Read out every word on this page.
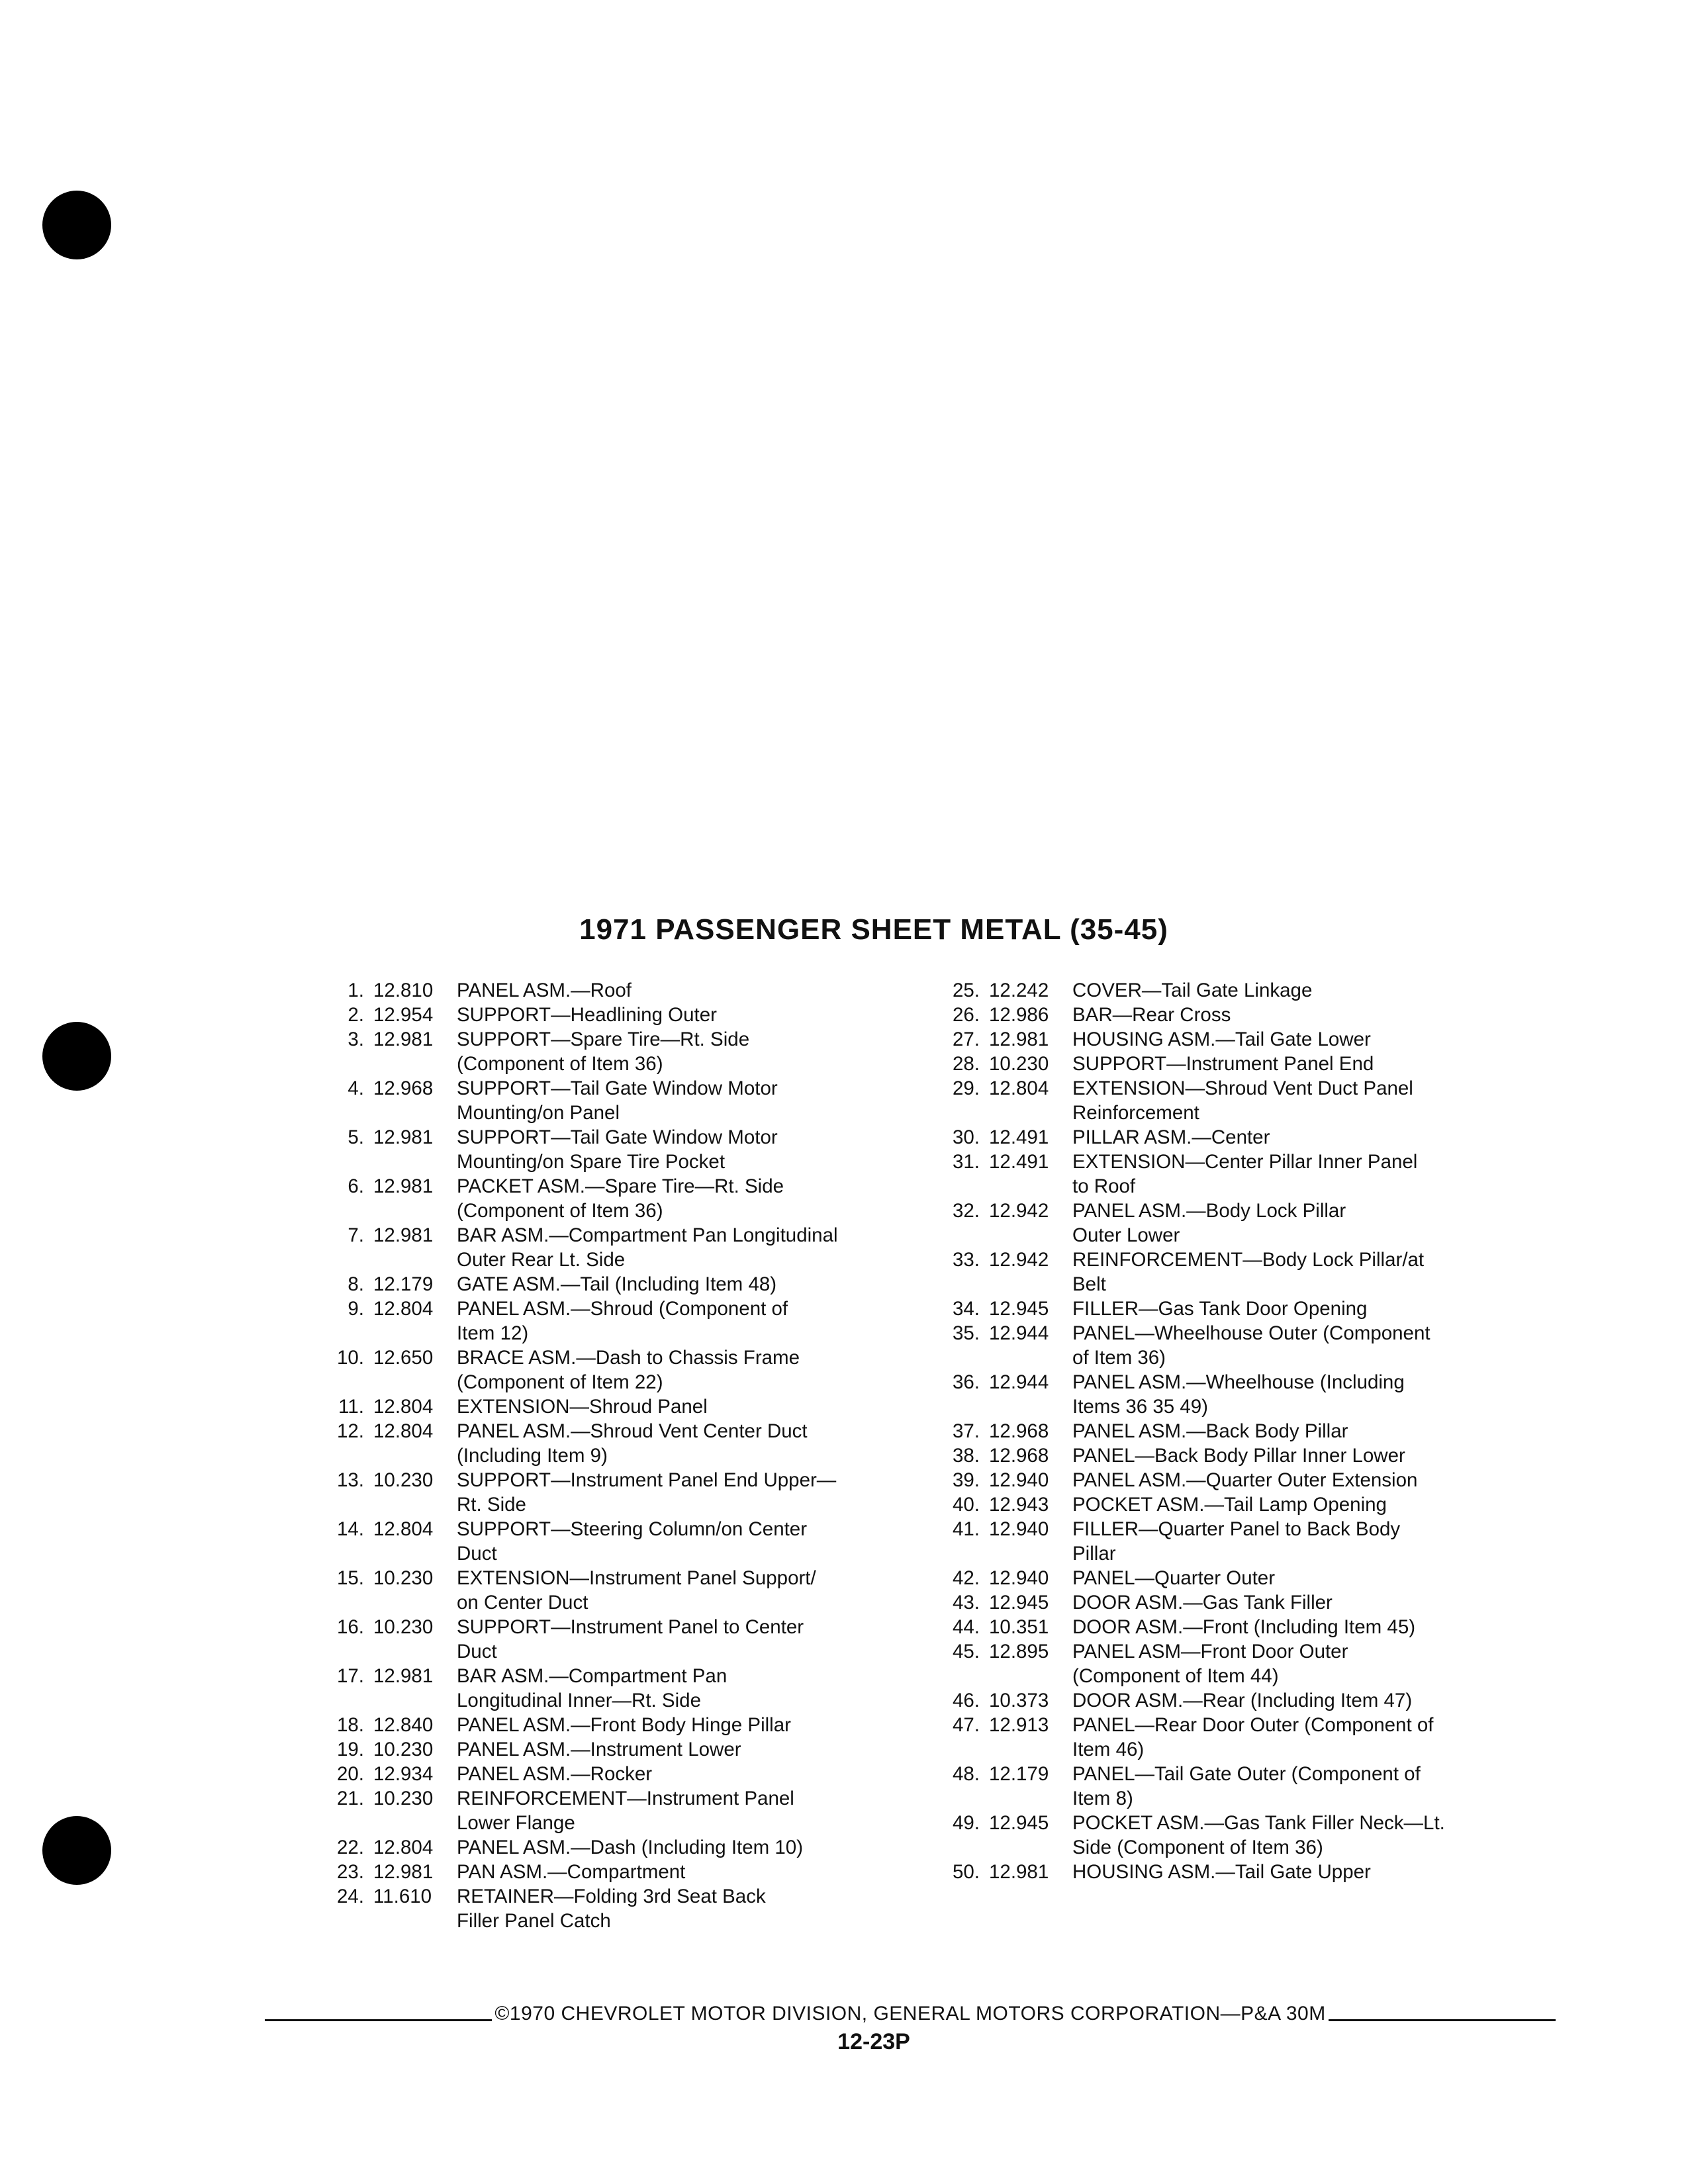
1971 PASSENGER SHEET METAL (35-45)
1. 12.810	PANEL ASM.—Roof
2. 12.954	SUPPORT—Headlining Outer
3. 12.981	SUPPORT—Spare Tire—Rt. Side
(Component of Item 36)
4. 12.968	SUPPORT—Tail Gate Window Motor
Mounting/on Panel
5. 12.981	SUPPORT—Tail Gate Window Motor
Mounting/on Spare Tire Pocket
6. 12.981	PACKET ASM.—Spare Tire—Rt. Side
(Component of Item 36)
7. 12.981	BAR ASM.—Compartment Pan Longitudinal
Outer Rear Lt. Side
8. 12.179	GATE ASM.—Tail (Including Item 48)
9. 12.804	PANEL ASM.—Shroud (Component of
Item 12)
10. 12.650	BRACE ASM.—Dash to Chassis Frame
(Component of Item 22)
11. 12.804	EXTENSION—Shroud Panel
12. 12.804	PANEL ASM.—Shroud Vent Center Duct
(Including Item 9)
13. 10.230	SUPPORT—Instrument Panel End Upper—
Rt. Side
14. 12.804	SUPPORT—Steering Column/on Center
Duct
15. 10.230	EXTENSION—Instrument Panel Support/
on Center Duct
16. 10.230	SUPPORT—Instrument Panel to Center
Duct
17. 12.981	BAR ASM.—Compartment Pan
Longitudinal Inner—Rt. Side
18. 12.840	PANEL ASM.—Front Body Hinge Pillar
19. 10.230	PANEL ASM.—Instrument Lower
20. 12.934	PANEL ASM.—Rocker
21. 10.230	REINFORCEMENT—Instrument Panel
Lower Flange
22. 12.804	PANEL ASM.—Dash (Including Item 10)
23. 12.981	PAN ASM.—Compartment
24. 11.610	RETAINER—Folding 3rd Seat Back
Filler Panel Catch
25. 12.242	COVER—Tail Gate Linkage
26. 12.986	BAR—Rear Cross
27. 12.981	HOUSING ASM.—Tail Gate Lower
28. 10.230	SUPPORT—Instrument Panel End
29. 12.804	EXTENSION—Shroud Vent Duct Panel
Reinforcement
30. 12.491	PILLAR ASM.—Center
31. 12.491	EXTENSION—Center Pillar Inner Panel
to Roof
32. 12.942	PANEL ASM.—Body Lock Pillar
Outer Lower
33. 12.942	REINFORCEMENT—Body Lock Pillar/at
Belt
34. 12.945	FILLER—Gas Tank Door Opening
35. 12.944	PANEL—Wheelhouse Outer (Component
of Item 36)
36. 12.944	PANEL ASM.—Wheelhouse (Including
Items 36 35 49)
37. 12.968	PANEL ASM.—Back Body Pillar
38. 12.968	PANEL—Back Body Pillar Inner Lower
39. 12.940	PANEL ASM.—Quarter Outer Extension
40. 12.943	POCKET ASM.—Tail Lamp Opening
41. 12.940	FILLER—Quarter Panel to Back Body
Pillar
42. 12.940	PANEL—Quarter Outer
43. 12.945	DOOR ASM.—Gas Tank Filler
44. 10.351	DOOR ASM.—Front (Including Item 45)
45. 12.895	PANEL ASM—Front Door Outer
(Component of Item 44)
46. 10.373	DOOR ASM.—Rear (Including Item 47)
47. 12.913	PANEL—Rear Door Outer (Component of
Item 46)
48. 12.179	PANEL—Tail Gate Outer (Component of
Item 8)
49. 12.945	POCKET ASM.—Gas Tank Filler Neck—Lt.
Side (Component of Item 36)
50. 12.981	HOUSING ASM.—Tail Gate Upper
©1970 CHEVROLET MOTOR DIVISION, GENERAL MOTORS CORPORATION—P&A 30M
12-23P
